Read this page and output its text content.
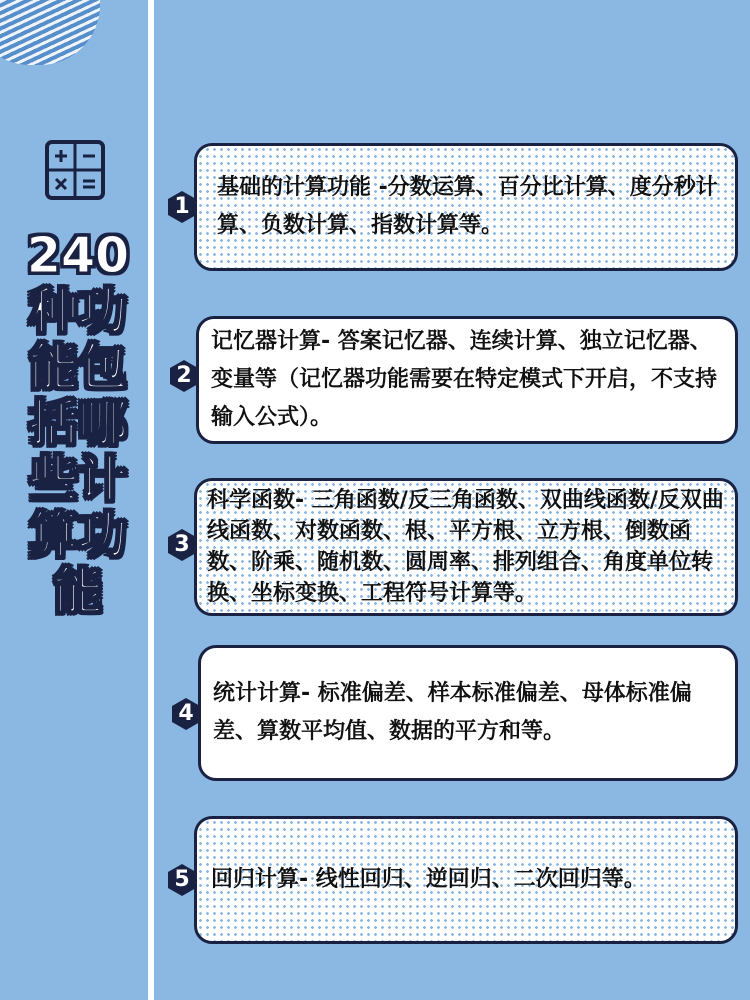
240种功能包括哪些计算功能
基础的计算功能 -分数运算、百分比计算、度分秒计算、负数计算、指数计算等。
1
记忆器计算- 答案记忆器、连续计算、独立记忆器、变量等（记忆器功能需要在特定模式下开启，不支持输入公式）。
2
科学函数- 三角函数/反三角函数、双曲线函数/反双曲线函数、对数函数、根、平方根、立方根、倒数函数、阶乘、随机数、圆周率、排列组合、角度单位转换、坐标变换、工程符号计算等。
3
统计计算- 标准偏差、样本标准偏差、母体标准偏差、算数平均值、数据的平方和等。
4
回归计算- 线性回归、逆回归、二次回归等。
5
